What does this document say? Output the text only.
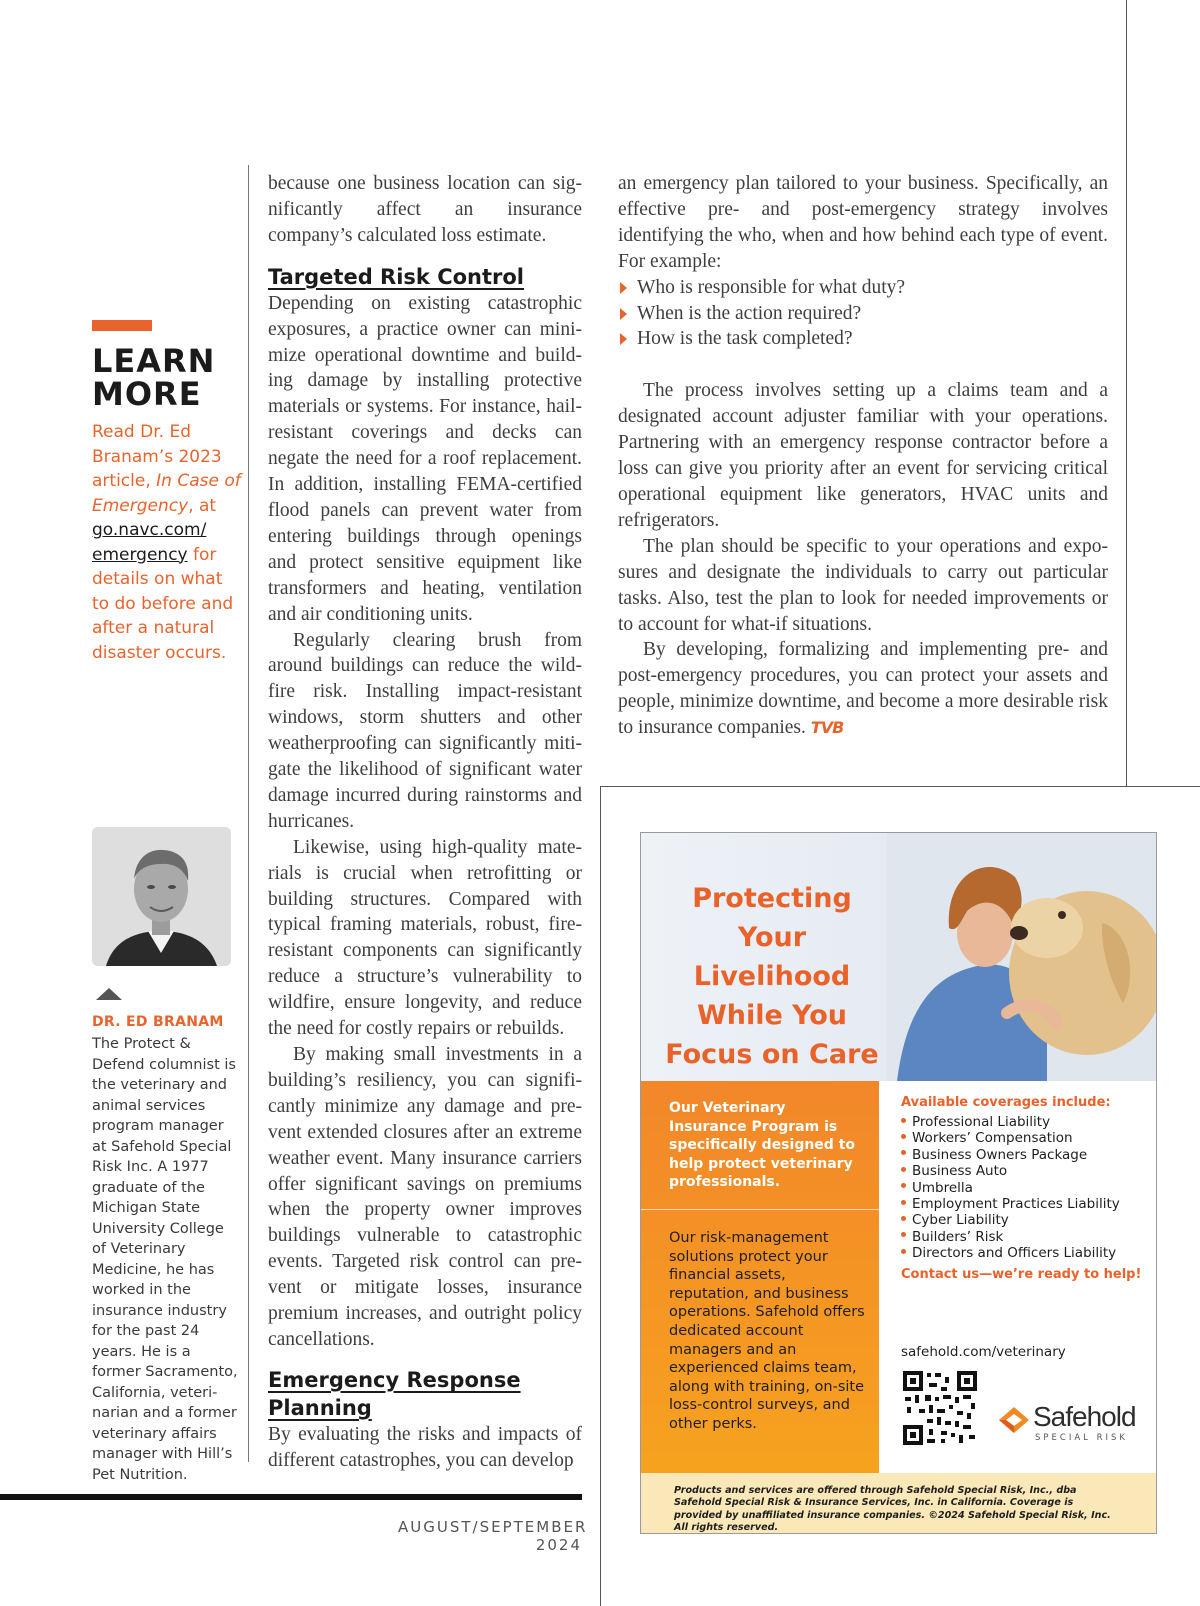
AUGUST/SEPTEMBER 2024
LEARN MORE
Read Dr. Ed Branam’s 2023 article, In Case of Emergency, at go.navc.com/ emergency for details on what to do before and after a natural disaster occurs.
DR. ED BRANAM
The Protect & Defend columnist is the veterinary and animal services program manager at Safehold Special Risk Inc. A 1977 graduate of the Michigan State University College of Veterinary Medicine, he has worked in the insurance industry for the past 24 years. He is a former Sacramento, California, veterinarian and a former veterinary affairs manager with Hill’s Pet Nutrition.

because one business location can significantly affect an insurance company’s calculated loss estimate.

Targeted Risk Control

Depending on existing catastrophic exposures, a practice owner can minimize operational downtime and building damage by installing protective materials or systems. For instance, hail-resistant coverings and decks can negate the need for a roof replacement. In addition, installing FEMA-certified flood panels can prevent water from entering buildings through openings and protect sensitive equipment like transformers and heating, ventilation and air conditioning units.

Regularly clearing brush from around buildings can reduce the wildfire risk. Installing impact-resistant windows, storm shutters and other weatherproofing can significantly mitigate the likelihood of significant water damage incurred during rainstorms and hurricanes.

Likewise, using high-quality materials is crucial when retrofitting or building structures. Compared with typical framing materials, robust, fire-resistant components can significantly reduce a structure’s vulnerability to wildfire, ensure longevity, and reduce the need for costly repairs or rebuilds.

By making small investments in a building’s resiliency, you can significantly minimize any damage and prevent extended closures after an extreme weather event. Many insurance carriers offer significant savings on premiums when the property owner improves buildings vulnerable to catastrophic events. Targeted risk control can prevent or mitigate losses, insurance premium increases, and outright policy cancellations.

Emergency Response Planning

By evaluating the risks and impacts of different catastrophes, you can develop

an emergency plan tailored to your business. Specifically, an effective pre- and post-emergency strategy involves identifying the who, when and how behind each type of event. For example:

Who is responsible for what duty?
When is the action required?
How is the task completed?

The process involves setting up a claims team and a designated account adjuster familiar with your operations. Partnering with an emergency response contractor before a loss can give you priority after an event for servicing critical operational equipment like generators, HVAC units and refrigerators.

The plan should be specific to your operations and exposures and designate the individuals to carry out particular tasks. Also, test the plan to look for needed improvements or to account for what-if situations.

By developing, formalizing and implementing pre- and post-emergency procedures, you can protect your assets and people, minimize downtime, and become a more desirable risk to insurance companies. TVB

Protecting Your Livelihood While You Focus on Care
Our Veterinary Insurance Program is specifically designed to help protect veterinary professionals.
Our risk-management solutions protect your financial assets, reputation, and business operations. Safehold offers dedicated account managers and an experienced claims team, along with training, on-site loss-control surveys, and other perks.
Available coverages include:
Professional Liability
Workers’ Compensation
Business Owners Package
Business Auto
Umbrella
Employment Practices Liability
Cyber Liability
Builders’ Risk
Directors and Officers Liability
Contact us—we’re ready to help!
safehold.com/veterinary
Safehold
SPECIAL RISK
Products and services are offered through Safehold Special Risk, Inc., dba Safehold Special Risk & Insurance Services, Inc. in California. Coverage is provided by unaffiliated insurance companies. ©2024 Safehold Special Risk, Inc. All rights reserved.
